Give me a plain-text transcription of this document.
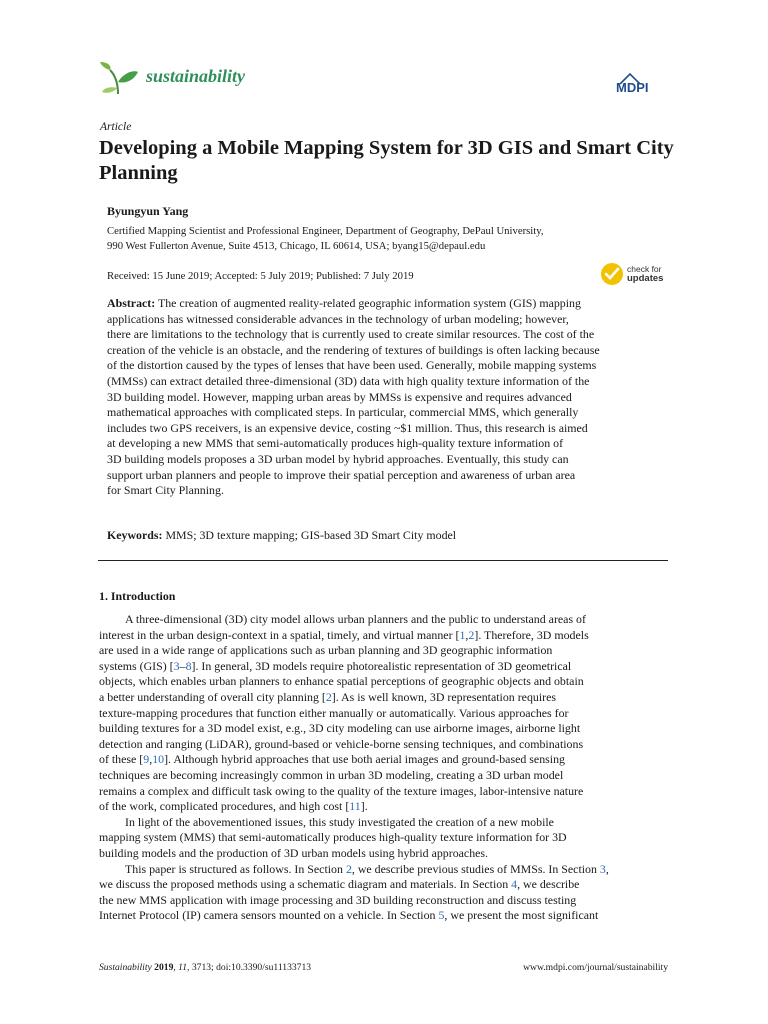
sustainability
MDPI
Article
Developing a Mobile Mapping System for 3D GIS and Smart City Planning
Byungyun Yang
Certified Mapping Scientist and Professional Engineer, Department of Geography, DePaul University,
990 West Fullerton Avenue, Suite 4513, Chicago, IL 60614, USA; byang15@depaul.edu
Received: 15 June 2019; Accepted: 5 July 2019; Published: 7 July 2019
check for
updates
Abstract: The creation of augmented reality-related geographic information system (GIS) mapping
applications has witnessed considerable advances in the technology of urban modeling; however,
there are limitations to the technology that is currently used to create similar resources. The cost of the
creation of the vehicle is an obstacle, and the rendering of textures of buildings is often lacking because
of the distortion caused by the types of lenses that have been used. Generally, mobile mapping systems
(MMSs) can extract detailed three-dimensional (3D) data with high quality texture information of the
3D building model. However, mapping urban areas by MMSs is expensive and requires advanced
mathematical approaches with complicated steps. In particular, commercial MMS, which generally
includes two GPS receivers, is an expensive device, costing ~$1 million. Thus, this research is aimed
at developing a new MMS that semi-automatically produces high-quality texture information of
3D building models proposes a 3D urban model by hybrid approaches. Eventually, this study can
support urban planners and people to improve their spatial perception and awareness of urban area
for Smart City Planning.
Keywords: MMS; 3D texture mapping; GIS-based 3D Smart City model
1. Introduction
A three-dimensional (3D) city model allows urban planners and the public to understand areas of
interest in the urban design-context in a spatial, timely, and virtual manner [1,2]. Therefore, 3D models
are used in a wide range of applications such as urban planning and 3D geographic information
systems (GIS) [3–8]. In general, 3D models require photorealistic representation of 3D geometrical
objects, which enables urban planners to enhance spatial perceptions of geographic objects and obtain
a better understanding of overall city planning [2]. As is well known, 3D representation requires
texture-mapping procedures that function either manually or automatically. Various approaches for
building textures for a 3D model exist, e.g., 3D city modeling can use airborne images, airborne light
detection and ranging (LiDAR), ground-based or vehicle-borne sensing techniques, and combinations
of these [9,10]. Although hybrid approaches that use both aerial images and ground-based sensing
techniques are becoming increasingly common in urban 3D modeling, creating a 3D urban model
remains a complex and difficult task owing to the quality of the texture images, labor-intensive nature
of the work, complicated procedures, and high cost [11].
In light of the abovementioned issues, this study investigated the creation of a new mobile
mapping system (MMS) that semi-automatically produces high-quality texture information for 3D
building models and the production of 3D urban models using hybrid approaches.
This paper is structured as follows. In Section 2, we describe previous studies of MMSs. In Section 3,
we discuss the proposed methods using a schematic diagram and materials. In Section 4, we describe
the new MMS application with image processing and 3D building reconstruction and discuss testing
Internet Protocol (IP) camera sensors mounted on a vehicle. In Section 5, we present the most significant
Sustainability 2019, 11, 3713; doi:10.3390/su11133713	www.mdpi.com/journal/sustainability
